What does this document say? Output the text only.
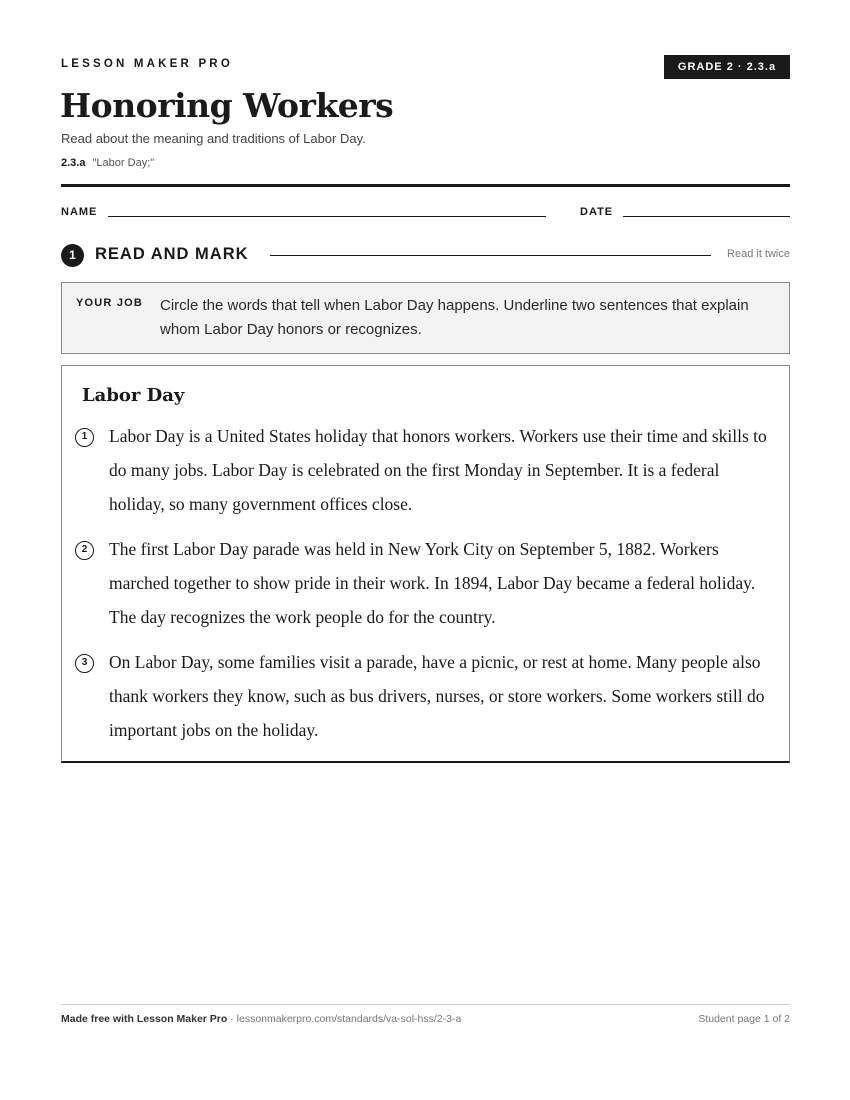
LESSON MAKER PRO	GRADE 2 · 2.3.a
Honoring Workers
Read about the meaning and traditions of Labor Day.
2.3.a "Labor Day;"
NAME	DATE
1	READ AND MARK	Read it twice
YOUR JOB Circle the words that tell when Labor Day happens. Underline two sentences that explain whom Labor Day honors or recognizes.
Labor Day
1	Labor Day is a United States holiday that honors workers. Workers use their time and skills to do many jobs. Labor Day is celebrated on the first Monday in September. It is a federal holiday, so many government offices close.
2	The first Labor Day parade was held in New York City on September 5, 1882. Workers marched together to show pride in their work. In 1894, Labor Day became a federal holiday. The day recognizes the work people do for the country.
3	On Labor Day, some families visit a parade, have a picnic, or rest at home. Many people also thank workers they know, such as bus drivers, nurses, or store workers. Some workers still do important jobs on the holiday.
Made free with Lesson Maker Pro · lessonmakerpro.com/standards/va-sol-hss/2-3-a	Student page 1 of 2
